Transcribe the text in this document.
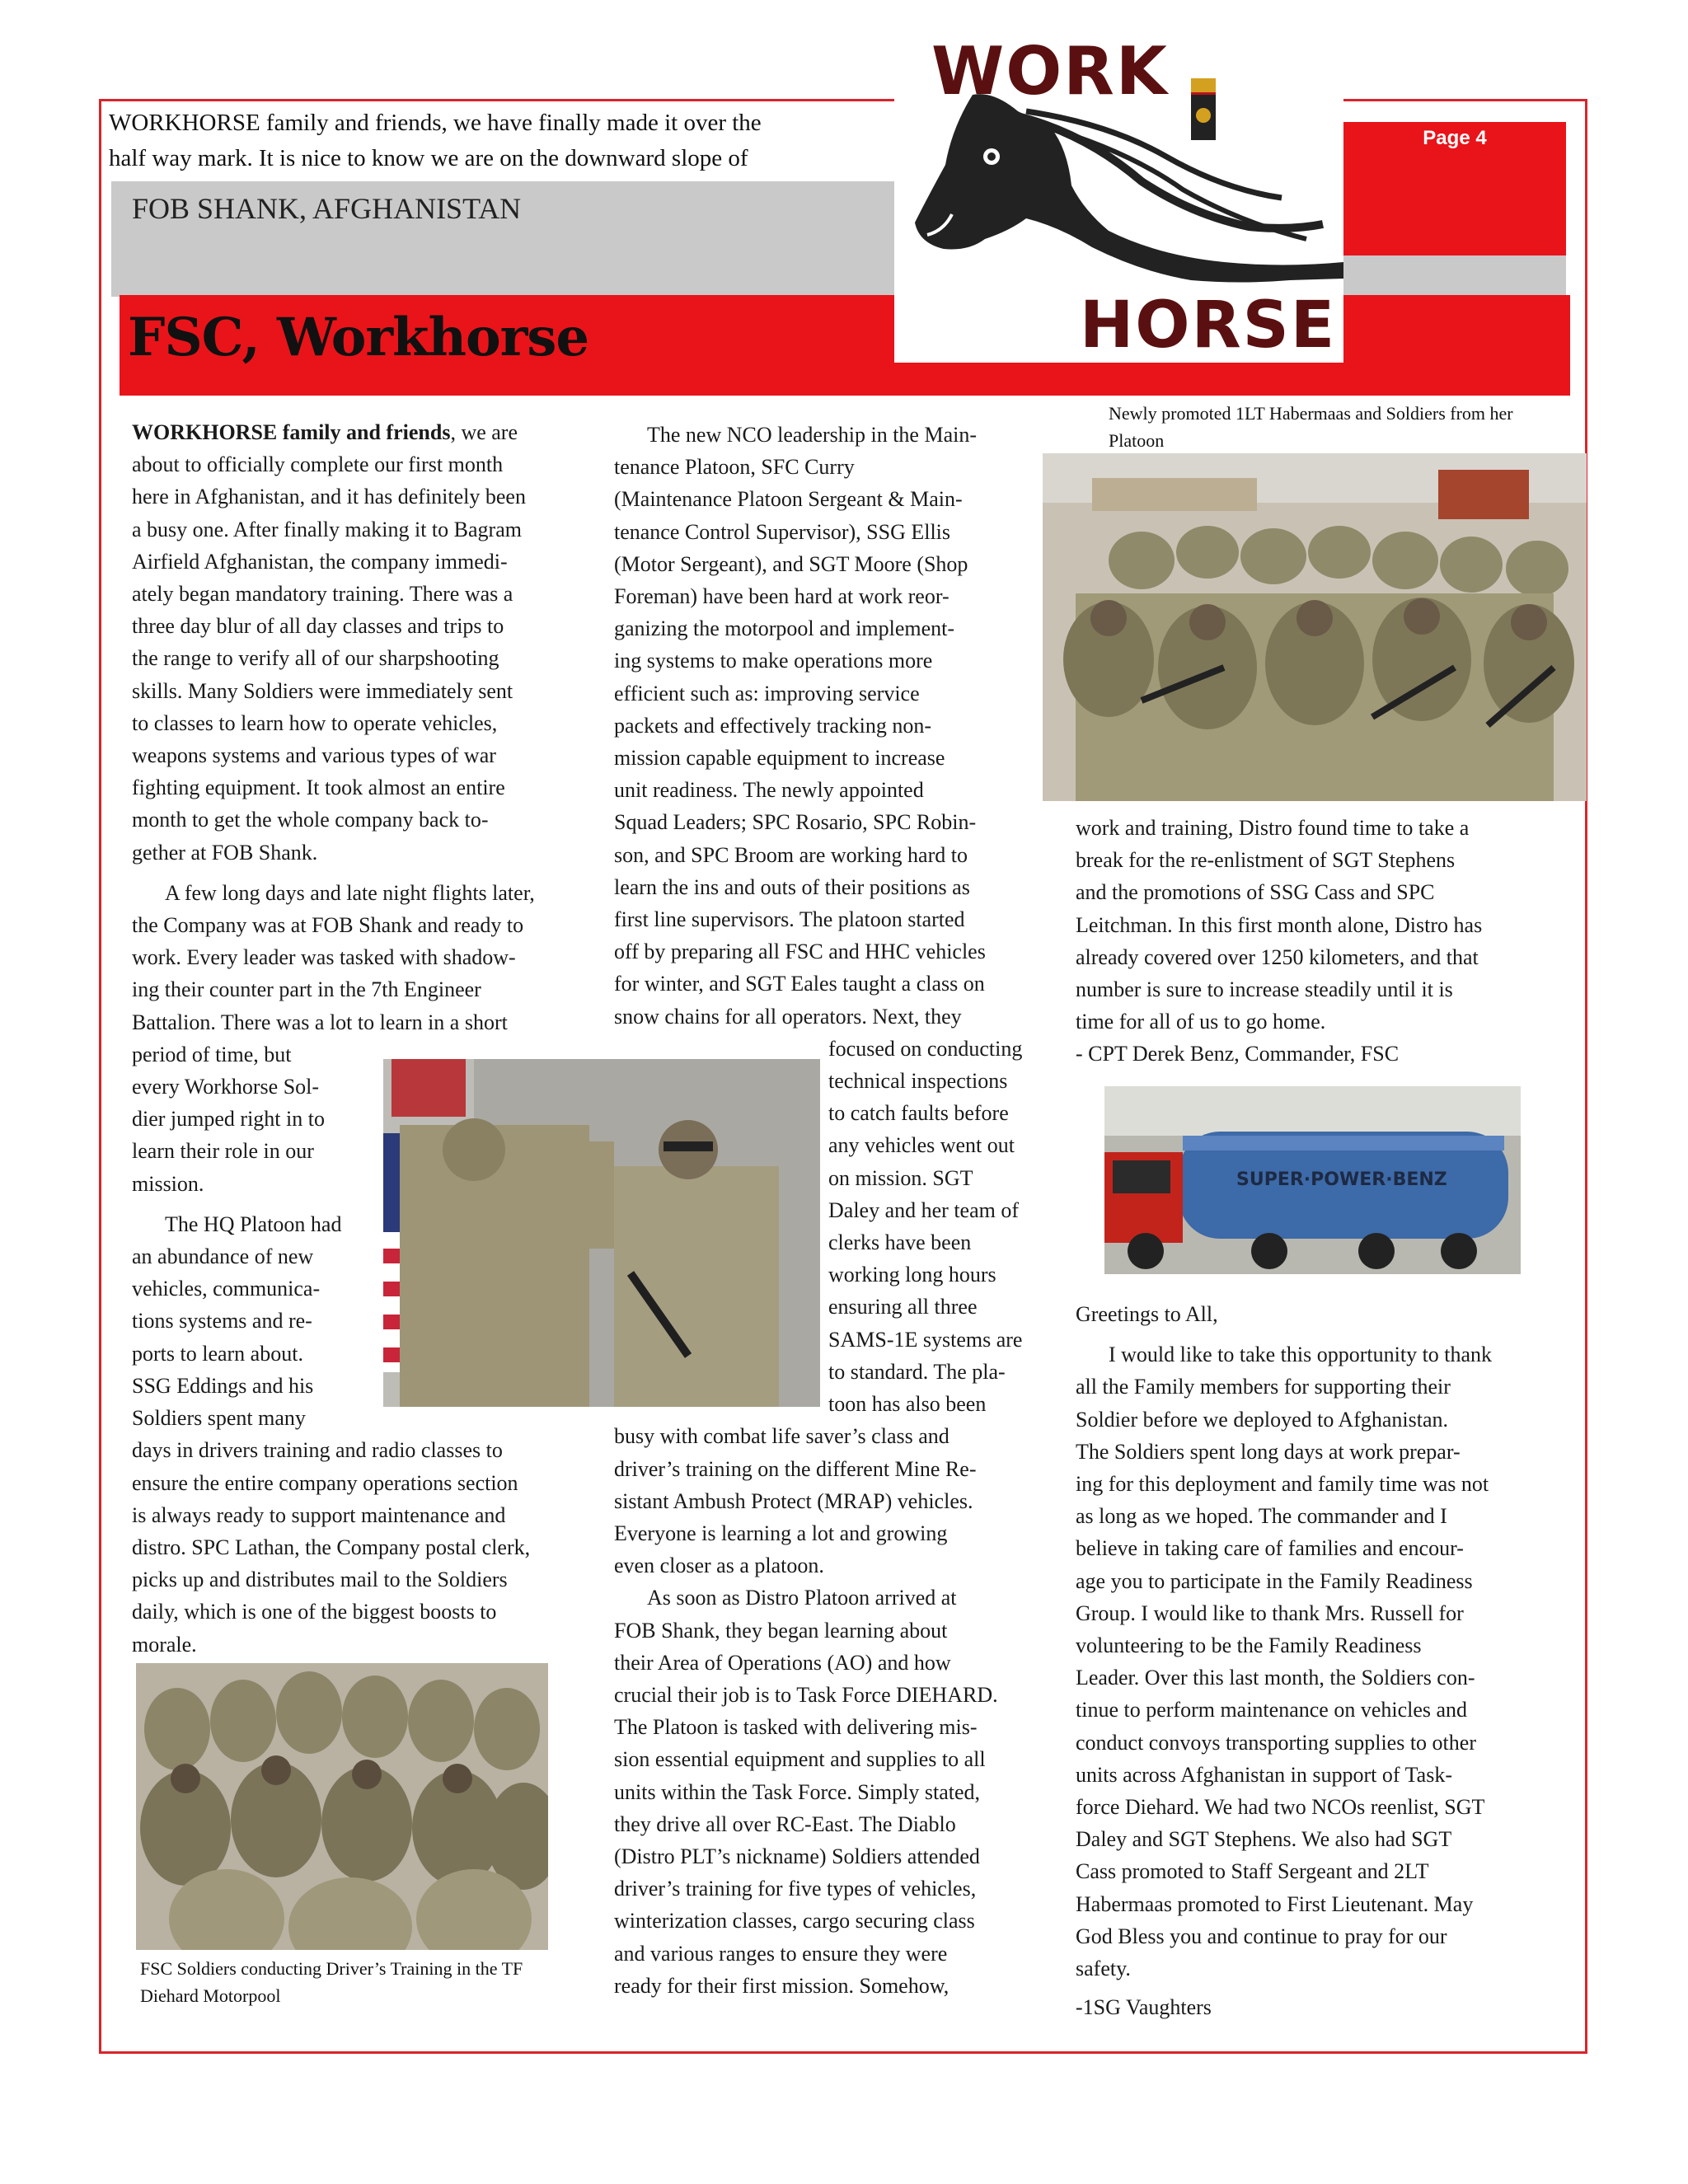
WORKHORSE family and friends, we have finally made it over the
half way mark. It is nice to know we are on the downward slope of
FOB SHANK, AFGHANISTAN
Page 4
FSC, Workhorse
WORK
HORSE

WORKHORSE family and friends, we are
about to officially complete our first month
here in Afghanistan, and it has definitely been
a busy one. After finally making it to Bagram
Airfield Afghanistan, the company immedi-
ately began mandatory training. There was a
three day blur of all day classes and trips to
the range to verify all of our sharpshooting
skills. Many Soldiers were immediately sent
to classes to learn how to operate vehicles,
weapons systems and various types of war
fighting equipment. It took almost an entire
month to get the whole company back to-
gether at FOB Shank.

A few long days and late night flights later,
the Company was at FOB Shank and ready to
work. Every leader was tasked with shadow-
ing their counter part in the 7th Engineer
Battalion. There was a lot to learn in a short
period of time, but
every Workhorse Sol-
dier jumped right in to
learn their role in our
mission.

The HQ Platoon had
an abundance of new
vehicles, communica-
tions systems and re-
ports to learn about.
SSG Eddings and his
Soldiers spent many
days in drivers training and radio classes to
ensure the entire company operations section
is always ready to support maintenance and
distro. SPC Lathan, the Company postal clerk,
picks up and distributes mail to the Soldiers
daily, which is one of the biggest boosts to
morale.

The new NCO leadership in the Main-
tenance Platoon, SFC Curry
(Maintenance Platoon Sergeant & Main-
tenance Control Supervisor), SSG Ellis
(Motor Sergeant), and SGT Moore (Shop
Foreman) have been hard at work reor-
ganizing the motorpool and implement-
ing systems to make operations more
efficient such as: improving service
packets and effectively tracking non-
mission capable equipment to increase
unit readiness. The newly appointed
Squad Leaders; SPC Rosario, SPC Robin-
son, and SPC Broom are working hard to
learn the ins and outs of their positions as
first line supervisors. The platoon started
off by preparing all FSC and HHC vehicles
for winter, and SGT Eales taught a class on
snow chains for all operators. Next, they

focused on conducting
technical inspections
to catch faults before
any vehicles went out
on mission. SGT
Daley and her team of
clerks have been
working long hours
ensuring all three
SAMS-1E systems are
to standard. The pla-
toon has also been

busy with combat life saver’s class and
driver’s training on the different Mine Re-
sistant Ambush Protect (MRAP) vehicles.
Everyone is learning a lot and growing
even closer as a platoon.

As soon as Distro Platoon arrived at
FOB Shank, they began learning about
their Area of Operations (AO) and how
crucial their job is to Task Force DIEHARD.
The Platoon is tasked with delivering mis-
sion essential equipment and supplies to all
units within the Task Force. Simply stated,
they drive all over RC-East. The Diablo
(Distro PLT’s nickname) Soldiers attended
driver’s training for five types of vehicles,
winterization classes, cargo securing class
and various ranges to ensure they were
ready for their first mission. Somehow,

Newly promoted 1LT Habermaas and Soldiers from her Platoon

work and training, Distro found time to take a
break for the re-enlistment of SGT Stephens
and the promotions of SSG Cass and SPC
Leitchman. In this first month alone, Distro has
already covered over 1250 kilometers, and that
number is sure to increase steadily until it is
time for all of us to go home.
- CPT Derek Benz, Commander, FSC

SUPER·POWER·BENZ

Greetings to All,

I would like to take this opportunity to thank
all the Family members for supporting their
Soldier before we deployed to Afghanistan.
The Soldiers spent long days at work prepar-
ing for this deployment and family time was not
as long as we hoped. The commander and I
believe in taking care of families and encour-
age you to participate in the Family Readiness
Group. I would like to thank Mrs. Russell for
volunteering to be the Family Readiness
Leader. Over this last month, the Soldiers con-
tinue to perform maintenance on vehicles and
conduct convoys transporting supplies to other
units across Afghanistan in support of Task-
force Diehard. We had two NCOs reenlist, SGT
Daley and SGT Stephens. We also had SGT
Cass promoted to Staff Sergeant and 2LT
Habermaas promoted to First Lieutenant. May
God Bless you and continue to pray for our
safety.

-1SG Vaughters

FSC Soldiers conducting Driver’s Training in the TF Diehard Motorpool
